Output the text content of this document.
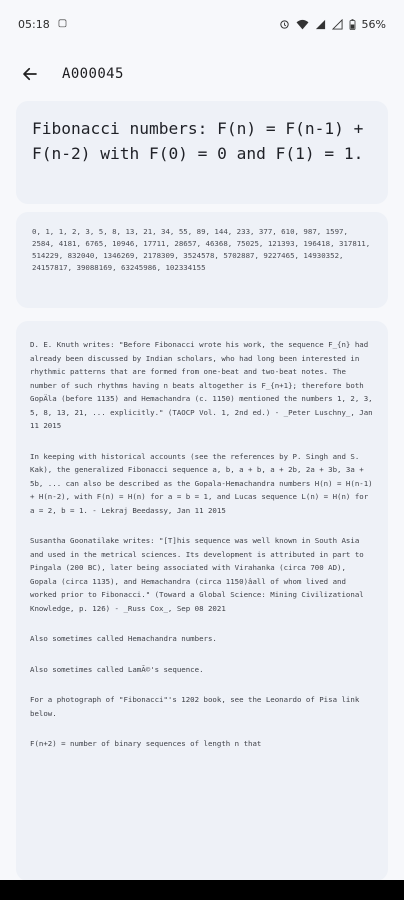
05:18 ▢	56%
A000045
Fibonacci numbers: F(n) = F(n-1) + F(n-2) with F(0) = 0 and F(1) = 1.
0, 1, 1, 2, 3, 5, 8, 13, 21, 34, 55, 89, 144, 233, 377, 610, 987, 1597, 2584, 4181, 6765, 10946, 17711, 28657, 46368, 75025, 121393, 196418, 317811, 514229, 832040, 1346269, 2178309, 3524578, 5702887, 9227465, 14930352, 24157817, 39088169, 63245986, 102334155

D. E. Knuth writes: "Before Fibonacci wrote his work, the sequence F_{n} had already been discussed by Indian scholars, who had long been interested in rhythmic patterns that are formed from one-beat and two-beat notes. The number of such rhythms having n beats altogether is F_{n+1}; therefore both GopÄla (before 1135) and Hemachandra (c. 1150) mentioned the numbers 1, 2, 3, 5, 8, 13, 21, ... explicitly." (TAOCP Vol. 1, 2nd ed.) - _Peter Luschny_, Jan 11 2015

In keeping with historical accounts (see the references by P. Singh and S. Kak), the generalized Fibonacci sequence a, b, a + b, a + 2b, 2a + 3b, 3a + 5b, ... can also be described as the Gopala-Hemachandra numbers H(n) = H(n-1) + H(n-2), with F(n) = H(n) for a = b = 1, and Lucas sequence L(n) = H(n) for a = 2, b = 1. - Lekraj Beedassy, Jan 11 2015

Susantha Goonatilake writes: "[T]his sequence was well known in South Asia and used in the metrical sciences. Its development is attributed in part to Pingala (200 BC), later being associated with Virahanka (circa 700 AD), Gopala (circa 1135), and Hemachandra (circa 1150)âall of whom lived and worked prior to Fibonacci." (Toward a Global Science: Mining Civilizational Knowledge, p. 126) - _Russ Cox_, Sep 08 2021

Also sometimes called Hemachandra numbers.

Also sometimes called LamÃ©'s sequence.

For a photograph of "Fibonacci"'s 1202 book, see the Leonardo of Pisa link below.

F(n+2) = number of binary sequences of length n that
